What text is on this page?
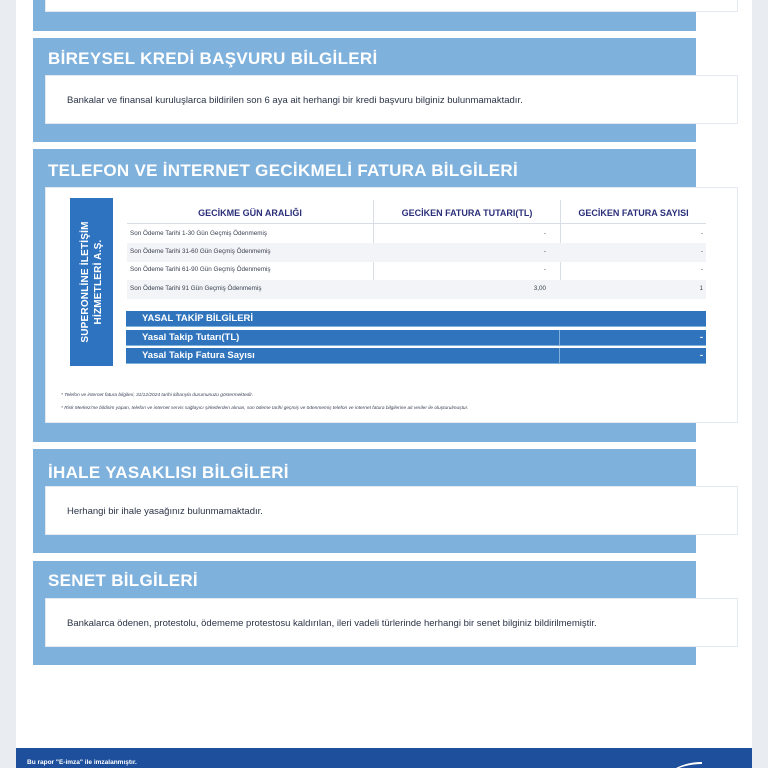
BİREYSEL KREDİ BAŞVURU BİLGİLERİ
Bankalar ve finansal kuruluşlarca bildirilen son 6 aya ait herhangi bir kredi başvuru bilginiz bulunmamaktadır.
TELEFON VE İNTERNET GECİKMELİ FATURA BİLGİLERİ
SUPERONLİNE İLETİŞİM HİZMETLERİ A.Ş.
GECİKME GÜN ARALIĞI	GECİKEN FATURA TUTARI(TL)	GECİKEN FATURA SAYISI
Son Ödeme Tarihi 1-30 Gün Geçmiş Ödenmemiş	-	-
Son Ödeme Tarihi 31-60 Gün Geçmiş Ödenmemiş	-	-
Son Ödeme Tarihi 61-90 Gün Geçmiş Ödenmemiş	-	-
Son Ödeme Tarihi 91 Gün Geçmiş Ödenmemiş	3,00	1
YASAL TAKİP BİLGİLERİ
Yasal Takip Tutarı(TL)	-
Yasal Takip Fatura Sayısı	-
* Telefon ve internet fatura bilgileri, 31/12/2024 tarihi itibarıyla durumunuzu göstermektedir.
* Risk Merkezi'ne bildirim yapan, telefon ve internet servis sağlayıcı şirketlerden alınan, son ödeme tarihi geçmiş ve ödenmemiş telefon ve internet fatura bilgilerine ait veriler ile oluşturulmuştur.
İHALE YASAKLISI BİLGİLERİ
Herhangi bir ihale yasağınız bulunmamaktadır.
SENET BİLGİLERİ
Bankalarca ödenen, protestolu, ödememe protestosu kaldırılan, ileri vadeli türlerinde herhangi bir senet bilginiz bildirilmemiştir.
Bu rapor "E-imza" ile imzalanmıştır.
